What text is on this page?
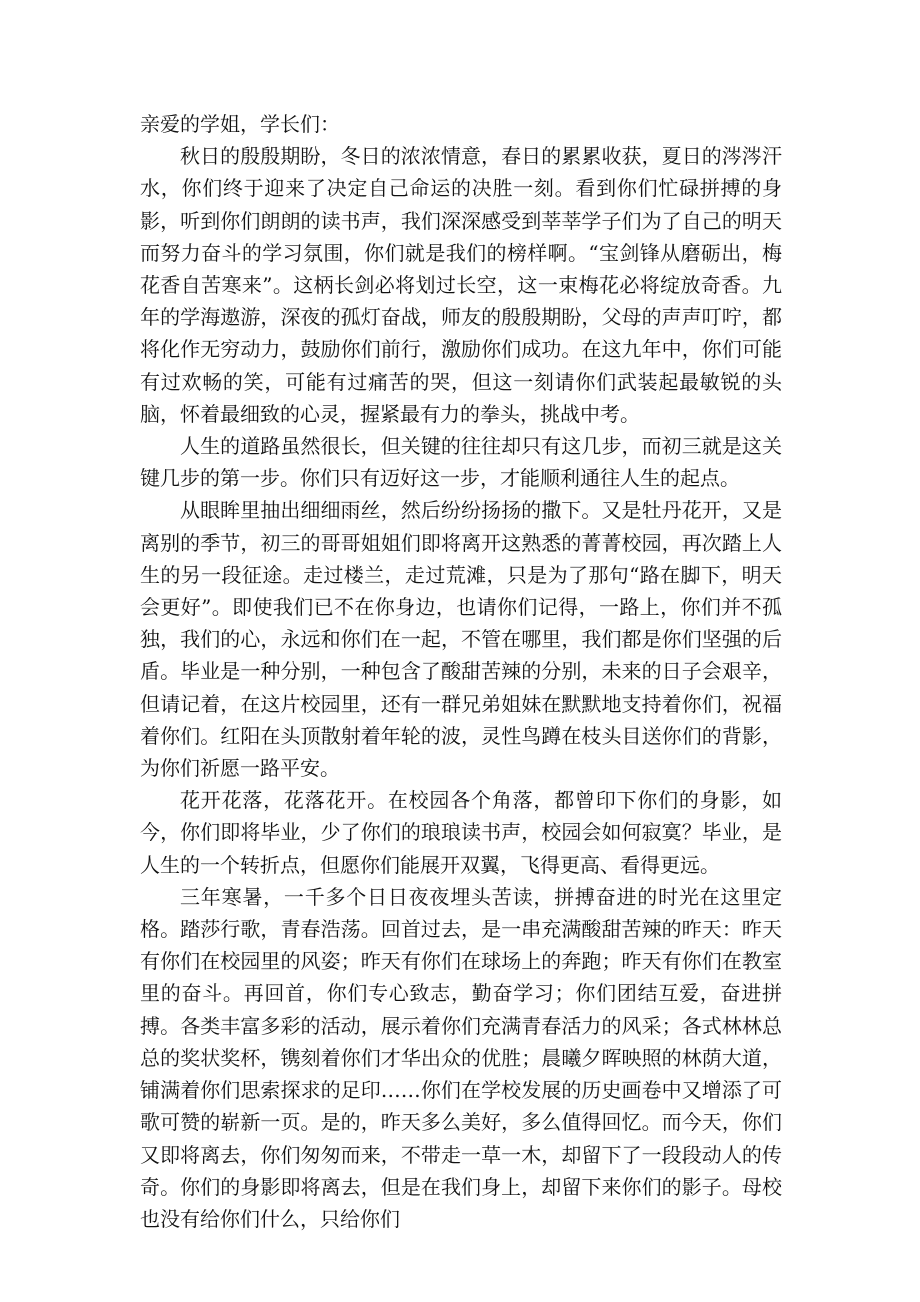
亲爱的学姐，学长们：

秋日的殷殷期盼，冬日的浓浓情意，春日的累累收获，夏日的涔涔汗水，你们终于迎来了决定自己命运的决胜一刻。看到你们忙碌拼搏的身影，听到你们朗朗的读书声，我们深深感受到莘莘学子们为了自己的明天而努力奋斗的学习氛围，你们就是我们的榜样啊。“宝剑锋从磨砺出，梅花香自苦寒来”。这柄长剑必将划过长空，这一束梅花必将绽放奇香。九年的学海遨游，深夜的孤灯奋战，师友的殷殷期盼，父母的声声叮咛，都将化作无穷动力，鼓励你们前行，激励你们成功。在这九年中，你们可能有过欢畅的笑，可能有过痛苦的哭，但这一刻请你们武装起最敏锐的头脑，怀着最细致的心灵，握紧最有力的拳头，挑战中考。

人生的道路虽然很长，但关键的往往却只有这几步，而初三就是这关键几步的第一步。你们只有迈好这一步，才能顺利通往人生的起点。

从眼眸里抽出细细雨丝，然后纷纷扬扬的撒下。又是牡丹花开，又是离别的季节，初三的哥哥姐姐们即将离开这熟悉的菁菁校园，再次踏上人生的另一段征途。走过楼兰，走过荒滩，只是为了那句“路在脚下，明天会更好”。即使我们已不在你身边，也请你们记得，一路上，你们并不孤独，我们的心，永远和你们在一起，不管在哪里，我们都是你们坚强的后盾。毕业是一种分别，一种包含了酸甜苦辣的分别，未来的日子会艰辛，但请记着，在这片校园里，还有一群兄弟姐妹在默默地支持着你们，祝福着你们。红阳在头顶散射着年轮的波，灵性鸟蹲在枝头目送你们的背影，为你们祈愿一路平安。

花开花落，花落花开。在校园各个角落，都曾印下你们的身影，如今，你们即将毕业，少了你们的琅琅读书声，校园会如何寂寞？毕业，是人生的一个转折点，但愿你们能展开双翼，飞得更高、看得更远。

三年寒暑，一千多个日日夜夜埋头苦读，拼搏奋进的时光在这里定格。踏莎行歌，青春浩荡。回首过去，是一串充满酸甜苦辣的昨天：昨天有你们在校园里的风姿；昨天有你们在球场上的奔跑；昨天有你们在教室里的奋斗。再回首，你们专心致志，勤奋学习；你们团结互爱，奋进拼搏。各类丰富多彩的活动，展示着你们充满青春活力的风采；各式林林总总的奖状奖杯，镌刻着你们才华出众的优胜；晨曦夕晖映照的林荫大道，铺满着你们思索探求的足印……你们在学校发展的历史画卷中又增添了可歌可赞的崭新一页。是的，昨天多么美好，多么值得回忆。而今天，你们又即将离去，你们匆匆而来，不带走一草一木，却留下了一段段动人的传奇。你们的身影即将离去，但是在我们身上，却留下来你们的影子。母校也没有给你们什么，只给你们
